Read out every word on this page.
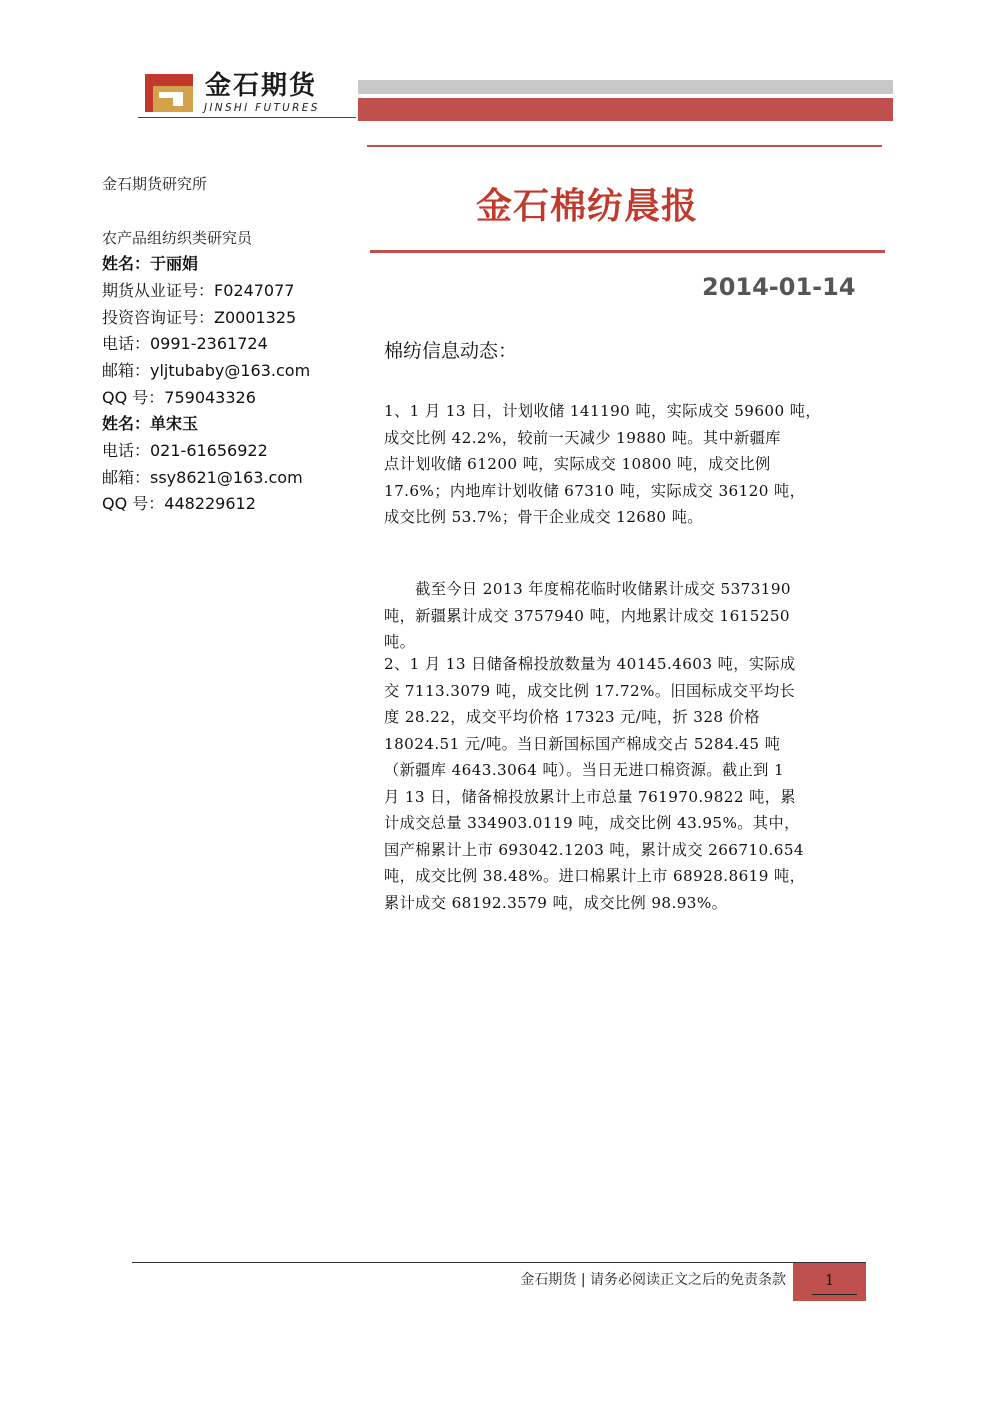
金石期货
JINSHI FUTURES
金石棉纺晨报
2014-01-14
金石期货研究所
农产品组纺织类研究员
姓名：于丽娟
期货从业证号：F0247077
投资咨询证号：Z0001325
电话：0991-2361724
邮箱：yljtubaby@163.com
QQ 号：759043326
姓名：单宋玉
电话：021-61656922
邮箱：ssy8621@163.com
QQ 号：448229612
棉纺信息动态：
1、1 月 13 日，计划收储 141190 吨，实际成交 59600 吨，
成交比例 42.2%，较前一天减少 19880 吨。其中新疆库
点计划收储 61200 吨，实际成交 10800 吨，成交比例
17.6%；内地库计划收储 67310 吨，实际成交 36120 吨，
成交比例 53.7%；骨干企业成交 12680 吨。
　　截至今日 2013 年度棉花临时收储累计成交 5373190
吨，新疆累计成交 3757940 吨，内地累计成交 1615250
吨。
2、1 月 13 日储备棉投放数量为 40145.4603 吨，实际成
交 7113.3079 吨，成交比例 17.72%。旧国标成交平均长
度 28.22，成交平均价格 17323 元/吨，折 328 价格
18024.51 元/吨。当日新国标国产棉成交占 5284.45 吨
（新疆库 4643.3064 吨）。当日无进口棉资源。截止到 1
月 13 日，储备棉投放累计上市总量 761970.9822 吨，累
计成交总量 334903.0119 吨，成交比例 43.95%。其中，
国产棉累计上市 693042.1203 吨，累计成交 266710.654
吨，成交比例 38.48%。进口棉累计上市 68928.8619 吨，
累计成交 68192.3579 吨，成交比例 98.93%。
金石期货 | 请务必阅读正文之后的免责条款	1
